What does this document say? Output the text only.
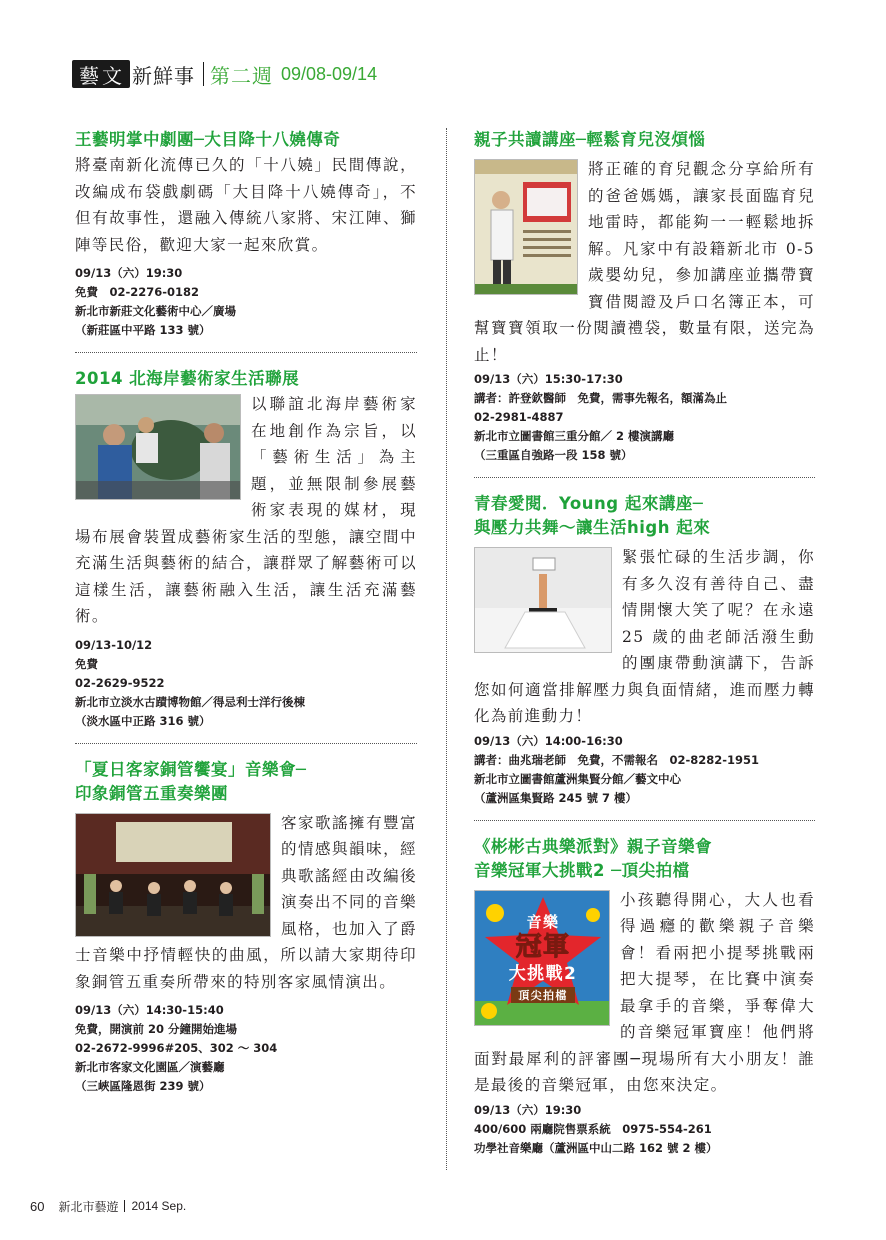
藝 文 新鮮事 第二週 09/08-09/14
王藝明掌中劇團─大目降十八嬈傳奇
將臺南新化流傳已久的「十八嬈」民間傳說，改編成布袋戲劇碼「大目降十八嬈傳奇」，不但有故事性，還融入傳統八家將、宋江陣、獅陣等民俗，歡迎大家一起來欣賞。
09/13（六）19:30
免費　02-2276-0182
新北市新莊文化藝術中心／廣場
（新莊區中平路 133 號）
2014 北海岸藝術家生活聯展
以聯誼北海岸藝術家在地創作為宗旨，以「藝術生活」為主題，並無限制參展藝術家表現的媒材，現場布展會裝置成藝術家生活的型態，讓空間中充滿生活與藝術的結合，讓群眾了解藝術可以這樣生活，讓藝術融入生活，讓生活充滿藝術。
09/13-10/12
免費
02-2629-9522
新北市立淡水古蹟博物館／得忌利士洋行後棟
（淡水區中正路 316 號）
「夏日客家銅管饗宴」音樂會─
印象銅管五重奏樂團
客家歌謠擁有豐富的情感與韻味，經典歌謠經由改編後演奏出不同的音樂風格，也加入了爵士音樂中抒情輕快的曲風，所以請大家期待印象銅管五重奏所帶來的特別客家風情演出。
09/13（六）14:30-15:40
免費，開演前 20 分鐘開始進場
02-2672-9996#205、302 ～ 304
新北市客家文化園區／演藝廳
（三峽區隆恩街 239 號）
親子共讀講座─輕鬆育兒沒煩惱
將正確的育兒觀念分享給所有的爸爸媽媽，讓家長面臨育兒地雷時，都能夠一一輕鬆地拆解。凡家中有設籍新北市 0-5 歲嬰幼兒，參加講座並攜帶寶寶借閱證及戶口名簿正本，可幫寶寶領取一份閱讀禮袋，數量有限，送完為止！
09/13（六）15:30-17:30
講者：許登欽醫師　免費，需事先報名，額滿為止
02-2981-4887
新北市立圖書館三重分館／ 2 樓演講廳
（三重區自強路一段 158 號）
青春愛閱．Young 起來講座─
與壓力共舞～讓生活high 起來
緊張忙碌的生活步調，你有多久沒有善待自己、盡情開懷大笑了呢？在永遠 25 歲的曲老師活潑生動的團康帶動演講下，告訴您如何適當排解壓力與負面情緒，進而壓力轉化為前進動力！
09/13（六）14:00-16:30
講者：曲兆瑞老師　免費，不需報名　02-8282-1951
新北市立圖書館蘆洲集賢分館／藝文中心
（蘆洲區集賢路 245 號 7 樓）
《彬彬古典樂派對》親子音樂會
音樂冠軍大挑戰2 ─頂尖拍檔
音樂
冠軍
大挑戰2
頂尖拍檔
小孩聽得開心，大人也看得過癮的歡樂親子音樂會！看兩把小提琴挑戰兩把大提琴，在比賽中演奏最拿手的音樂，爭奪偉大的音樂冠軍寶座！他們將面對最犀利的評審團─現場所有大小朋友！誰是最後的音樂冠軍，由您來決定。
09/13（六）19:30
400/600 兩廳院售票系統　0975-554-261
功學社音樂廳（蘆洲區中山二路 162 號 2 樓）
60 新北市藝遊 2014 Sep.
